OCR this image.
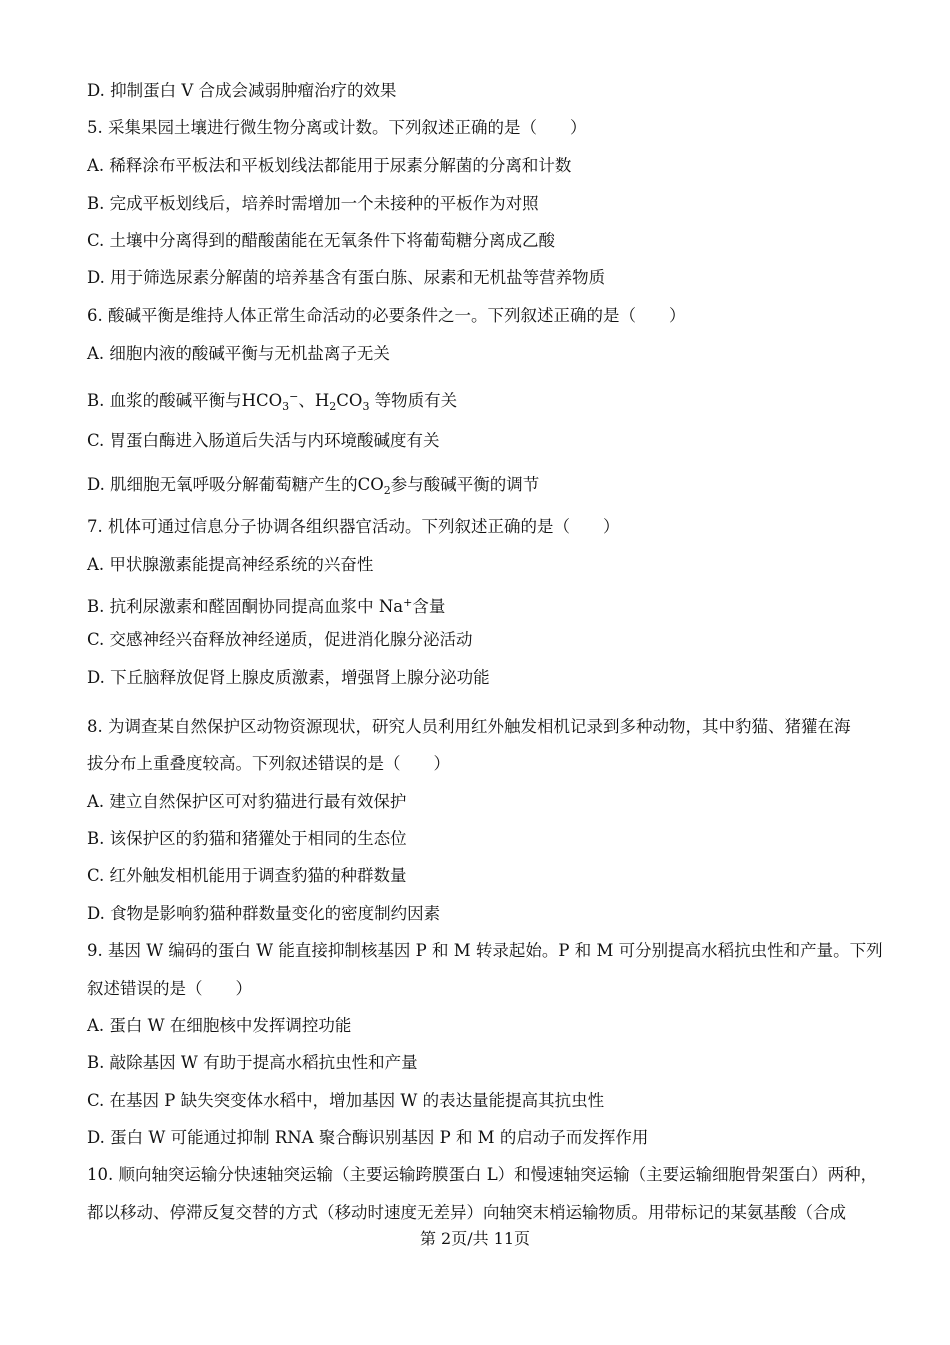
D. 抑制蛋白 V 合成会减弱肿瘤治疗的效果
5. 采集果园土壤进行微生物分离或计数。下列叙述正确的是（　　）
A. 稀释涂布平板法和平板划线法都能用于尿素分解菌的分离和计数
B. 完成平板划线后，培养时需增加一个未接种的平板作为对照
C. 土壤中分离得到的醋酸菌能在无氧条件下将葡萄糖分离成乙酸
D. 用于筛选尿素分解菌的培养基含有蛋白胨、尿素和无机盐等营养物质
6. 酸碱平衡是维持人体正常生命活动的必要条件之一。下列叙述正确的是（　　）
A. 细胞内液的酸碱平衡与无机盐离子无关
B. 血浆的酸碱平衡与$HCO_3^-$、$H_2CO_3$ 等物质有关
C. 胃蛋白酶进入肠道后失活与内环境酸碱度有关
D. 肌细胞无氧呼吸分解葡萄糖产生的$CO_2$参与酸碱平衡的调节
7. 机体可通过信息分子协调各组织器官活动。下列叙述正确的是（　　）
A. 甲状腺激素能提高神经系统的兴奋性
B. 抗利尿激素和醛固酮协同提高血浆中 Na+含量
C. 交感神经兴奋释放神经递质，促进消化腺分泌活动
D. 下丘脑释放促肾上腺皮质激素，增强肾上腺分泌功能
8. 为调查某自然保护区动物资源现状，研究人员利用红外触发相机记录到多种动物，其中豹猫、猪獾在海
拔分布上重叠度较高。下列叙述错误的是（　　）
A. 建立自然保护区可对豹猫进行最有效保护
B. 该保护区的豹猫和猪獾处于相同的生态位
C. 红外触发相机能用于调查豹猫的种群数量
D. 食物是影响豹猫种群数量变化的密度制约因素
9. 基因 W 编码的蛋白 W 能直接抑制核基因 P 和 M 转录起始。P 和 M 可分别提高水稻抗虫性和产量。下列
叙述错误的是（　　）
A. 蛋白 W 在细胞核中发挥调控功能
B. 敲除基因 W 有助于提高水稻抗虫性和产量
C. 在基因 P 缺失突变体水稻中，增加基因 W 的表达量能提高其抗虫性
D. 蛋白 W 可能通过抑制 RNA 聚合酶识别基因 P 和 M 的启动子而发挥作用
10. 顺向轴突运输分快速轴突运输（主要运输跨膜蛋白 L）和慢速轴突运输（主要运输细胞骨架蛋白）两种，
都以移动、停滞反复交替的方式（移动时速度无差异）向轴突末梢运输物质。用带标记的某氨基酸（合成
第 2页/共 11页
